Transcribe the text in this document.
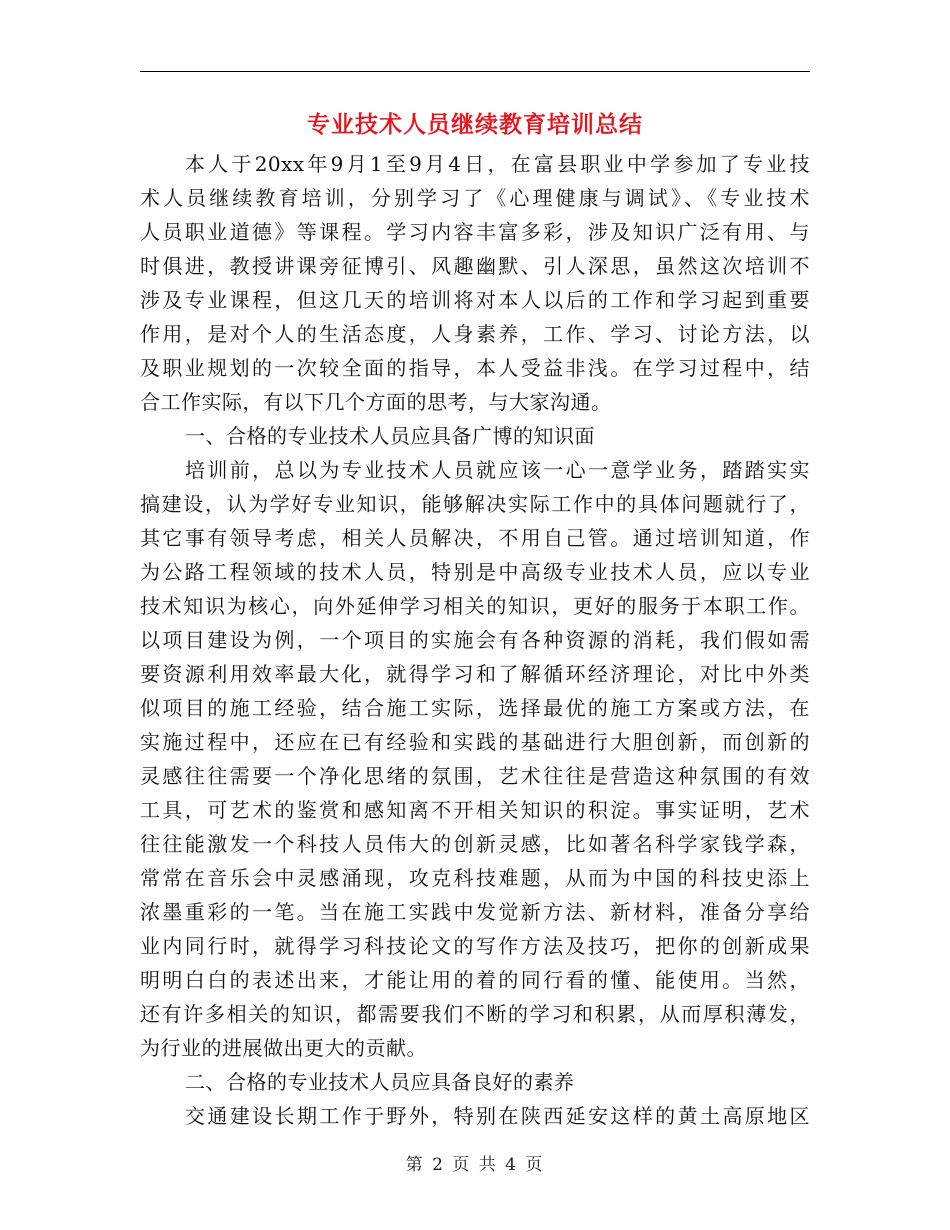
专业技术人员继续教育培训总结
本人于20xx年9月1至9月4日，在富县职业中学参加了专业技
术人员继续教育培训，分别学习了《心理健康与调试》、《专业技术
人员职业道德》等课程。学习内容丰富多彩，涉及知识广泛有用、与
时俱进，教授讲课旁征博引、风趣幽默、引人深思，虽然这次培训不
涉及专业课程，但这几天的培训将对本人以后的工作和学习起到重要
作用，是对个人的生活态度，人身素养，工作、学习、讨论方法，以
及职业规划的一次较全面的指导，本人受益非浅。在学习过程中，结
合工作实际，有以下几个方面的思考，与大家沟通。
一、合格的专业技术人员应具备广博的知识面
培训前，总以为专业技术人员就应该一心一意学业务，踏踏实实
搞建设，认为学好专业知识，能够解决实际工作中的具体问题就行了，
其它事有领导考虑，相关人员解决，不用自己管。通过培训知道，作
为公路工程领域的技术人员，特别是中高级专业技术人员，应以专业
技术知识为核心，向外延伸学习相关的知识，更好的服务于本职工作。
以项目建设为例，一个项目的实施会有各种资源的消耗，我们假如需
要资源利用效率最大化，就得学习和了解循环经济理论，对比中外类
似项目的施工经验，结合施工实际，选择最优的施工方案或方法，在
实施过程中，还应在已有经验和实践的基础进行大胆创新，而创新的
灵感往往需要一个净化思绪的氛围，艺术往往是营造这种氛围的有效
工具，可艺术的鉴赏和感知离不开相关知识的积淀。事实证明，艺术
往往能激发一个科技人员伟大的创新灵感，比如著名科学家钱学森，
常常在音乐会中灵感涌现，攻克科技难题，从而为中国的科技史添上
浓墨重彩的一笔。当在施工实践中发觉新方法、新材料，准备分享给
业内同行时，就得学习科技论文的写作方法及技巧，把你的创新成果
明明白白的表述出来，才能让用的着的同行看的懂、能使用。当然，
还有许多相关的知识，都需要我们不断的学习和积累，从而厚积薄发，
为行业的进展做出更大的贡献。
二、合格的专业技术人员应具备良好的素养
交通建设长期工作于野外，特别在陕西延安这样的黄土高原地区
第 2 页 共 4 页
